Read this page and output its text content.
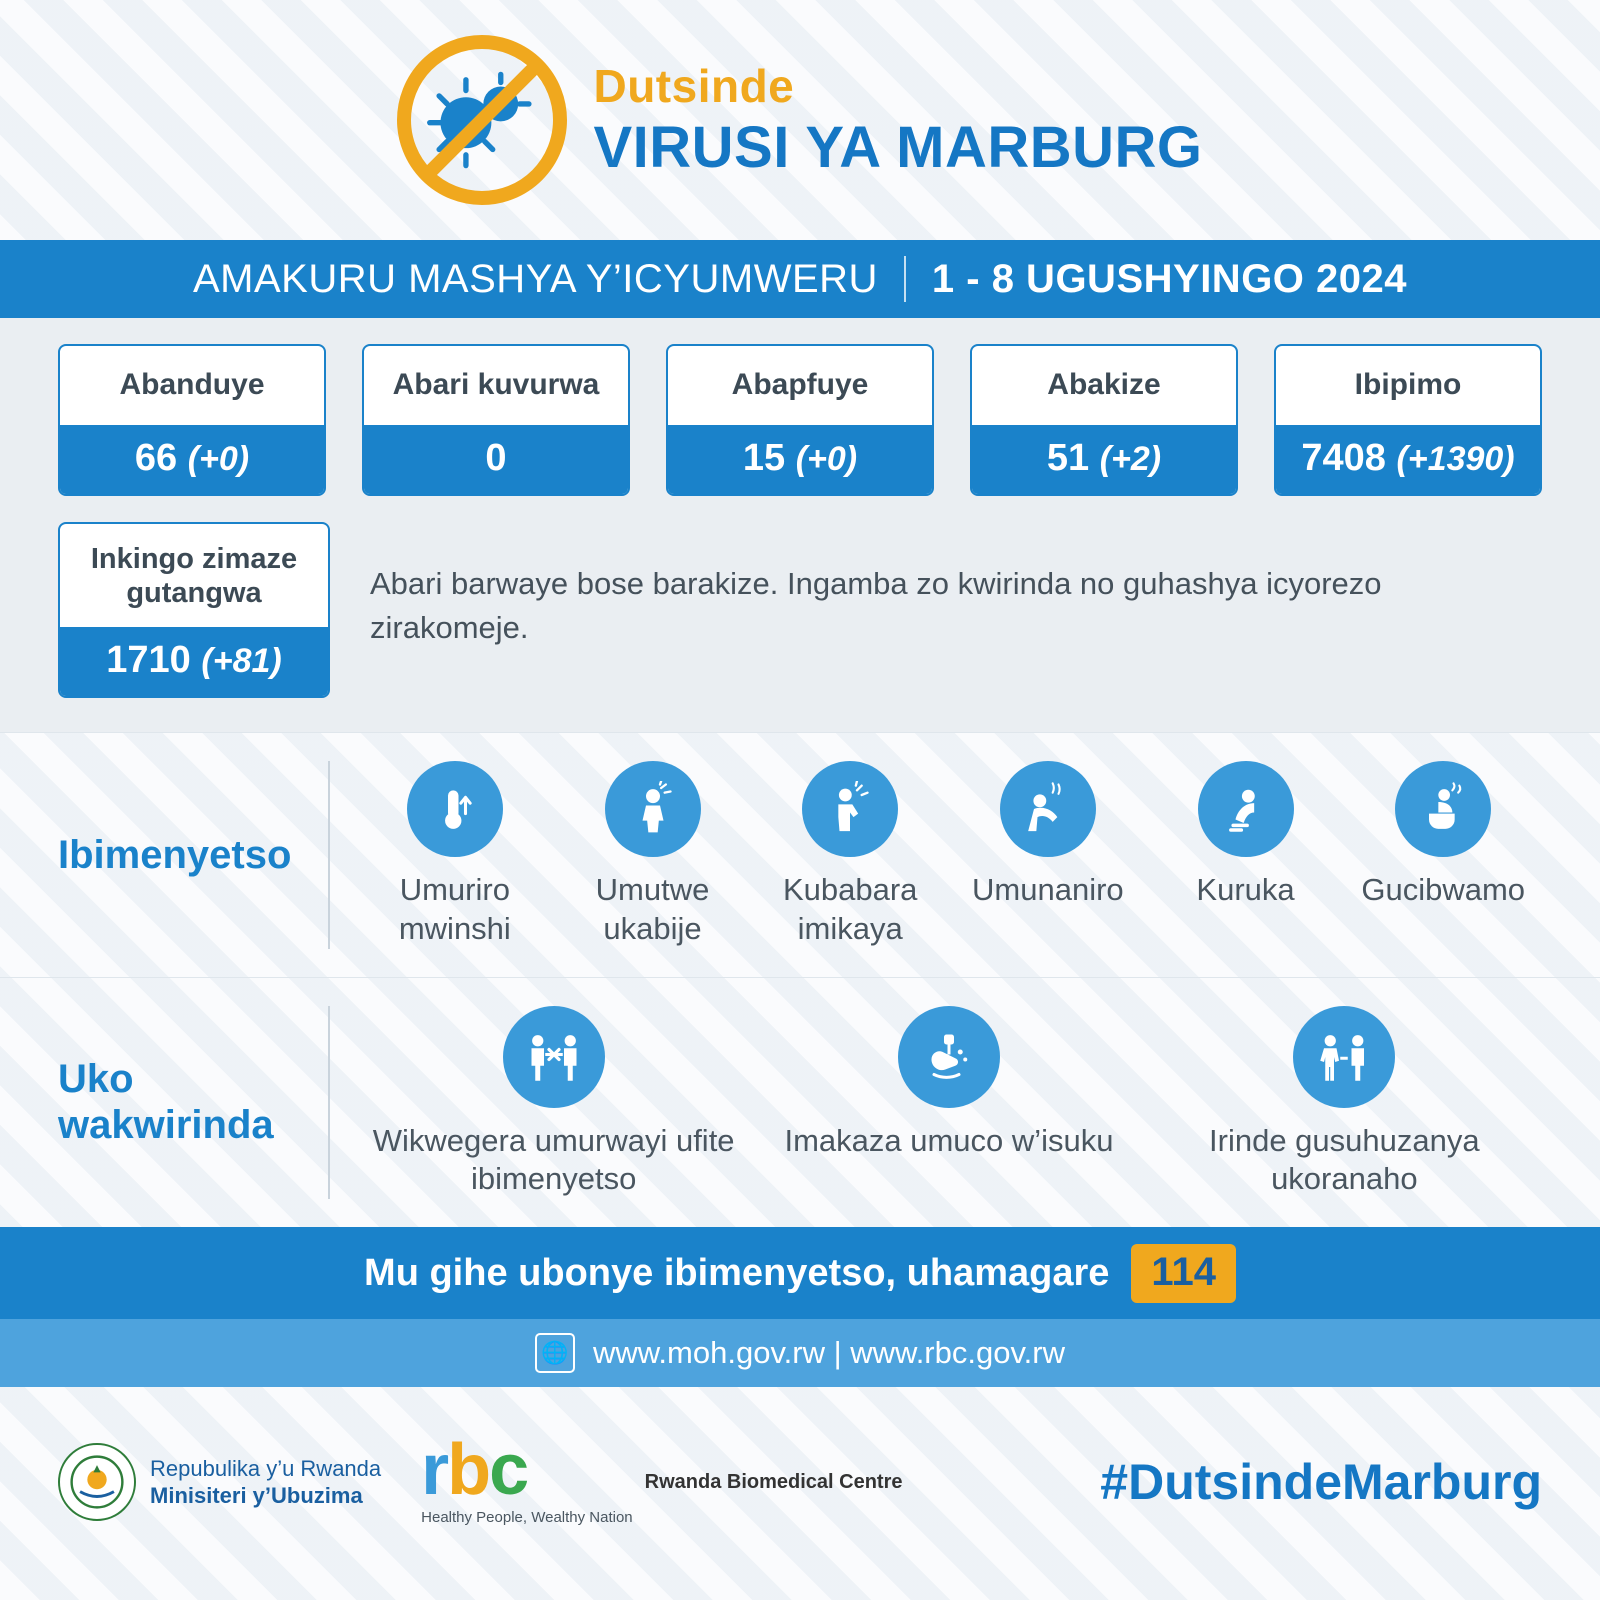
Dutsinde
VIRUSI YA MARBURG
AMAKURU MASHYA Y’ICYUMWERU 1 - 8 UGUSHYINGO 2024
Abanduye
66 (+0)
Abari kuvurwa
0
Abapfuye
15 (+0)
Abakize
51 (+2)
Ibipimo
7408 (+1390)
Inkingo zimaze gutangwa
1710 (+81)
Abari barwaye bose barakize. Ingamba zo kwirinda no guhashya icyorezo zirakomeje.
Ibimenyetso
Umuriro mwinshi
Umutwe ukabije
Kubabara imikaya
Umunaniro	Kuruka	Gucibwamo
Uko wakwirinda	Wikwegera umurwayi ufite ibimenyetso
Imakaza umuco w’isuku	Irinde gusuhuzanya ukoranaho
Mu gihe ubonye ibimenyetso, uhamagare	114
🌐 www.moh.gov.rw | www.rbc.gov.rw
Repubulika y’u Rwanda
Minisiteri y’Ubuzima rbc
Healthy People, Wealthy Nation
Rwanda Biomedical Centre	#DutsindeMarburg
